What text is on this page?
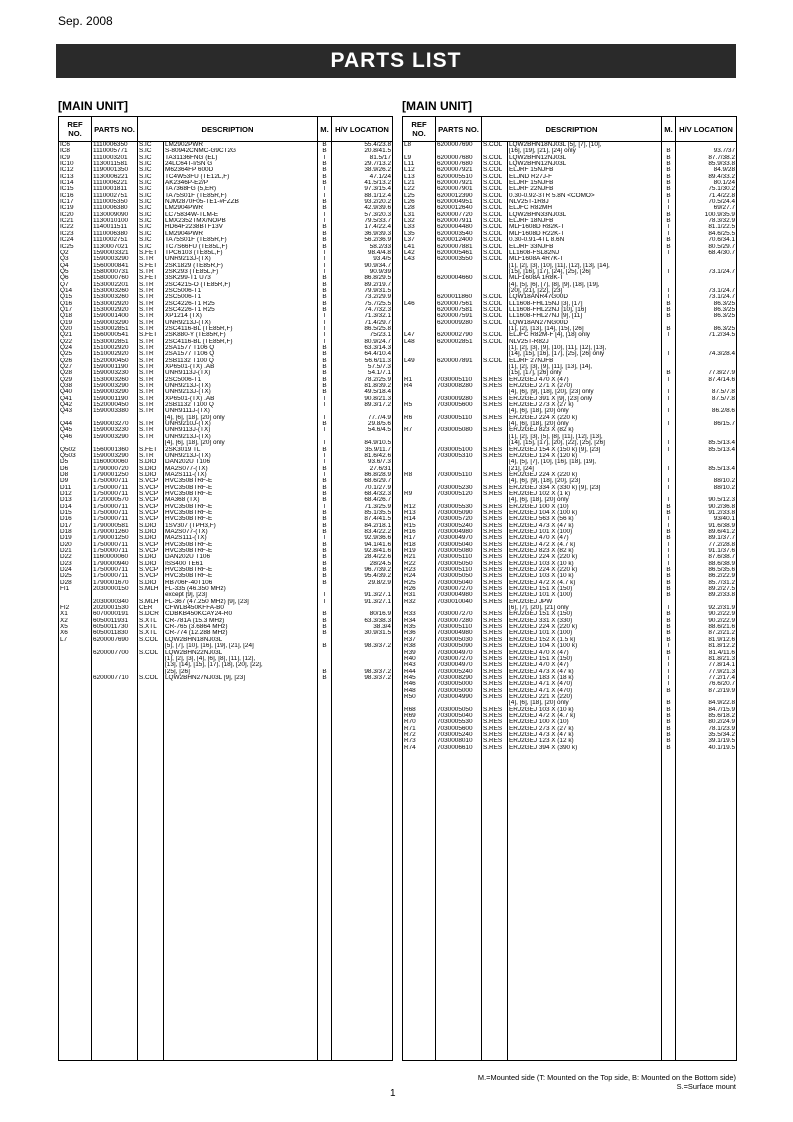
Sep. 2008
PARTS LIST
[MAIN UNIT]	[MAIN UNIT]
REF NO.	PARTS NO.	DESCRIPTION		M.	H/V LOCATION
IC6	1110006350	S.IC	LM2902PWR	B	55.4/23.8
IC8	1110005771	S.IC	S-80942CNMC-G9CT2G	B	20.8/41.5
IC9	1110003201	S.IC	TA31136FNG (EL)	T	81.5/17
IC10	1130011581	S.IC	24LC64T-I/SN G	B	29.7/13.2
IC12	1190001350	S.IC	M62364FP 600D	B	38.9/26.2
IC13	1130006221	S.IC	TC4W53FU (TE12L,F)	B	47.1/24
IC14	1110006221	S.IC	AK2346P-E2/P	B	41.5/13.2
IC15	1110001811	S.IC	TA7368FG (5,ER)	T	97.3/15.4
IC16	1110002751	S.IC	TA75S01F (TE85R,F)	T	88.1/12.4
IC17	1110005350	S.IC	NJM2870F05-TE1-#FZZB	B	93.2/20.2
IC19	1110006380	S.IC	LM2904PWR	B	42.9/39.6
IC20	1130009090	S.IC	LC75834W-TLM-E	T	57.3/20.3
IC21	1130010100	S.IC	LMX2352TMX/NOPB	T	79.5/33.7
IC22	1140011511	S.IC	HD64F2238BTF13V	B	17.4/22.4
IC23	1110006380	S.IC	LM2904PWR	B	36.9/39.3
IC24	1110002751	S.IC	TA75S01F (TE85R,F)	B	56.2/36.9
IC25	1130007021	S.IC	TC7S66FU (TE85L,F)	B	58.2/33

Q2	1590003321	S.FET	TPC6103 (TE85L,F)	T	98.4/4.8
Q3	1590003290	S.TR	UNR9213J-(TX)	T	93.4/5
Q4	1560000841	S.FET	2SK1829 (TE85R,F)	T	90.9/34.7
Q5	1580000731	S.TR	2SK293 (TE85L,F)	T	90.9/39
Q6	1580000760	S.FET	3SK299-T1 U73	B	86.8/29.5
Q7	1530002201	S.TR	2SC4215-O (TE85R,F)	B	89.2/19.7
Q14	1530003260	S.TR	2SC5006-T1	B	79.9/31.5
Q15	1530003260	S.TR	2SC5006-T1	B	73.2/29.9
Q16	1530002920	S.TR	2SC4226-T1 R25	B	75.7/25.5
Q17	1530002920	S.TR	2SC4226-T1 R25	B	74.7/32.3
Q18	1590001400	S.TR	XP1214 (TX)	T	71.3/32.1
Q19	1590003290	S.TR	UNR9213J-(TX)	T	71.4/29.7
Q20	1530002851	S.TR	2SC4116-BL (TE85R,F)	T	86.5/25.8
Q21	1560000541	S.FET	2SK880-Y (TE85R,F)	T	75/23.1
Q22	1530002851	S.TR	2SC4116-BL (TE85R,F)	T	80.9/24.7
Q24	1510002920	S.TR	2SA1577 T106 Q	B	63.3/14.3
Q25	1510002920	S.TR	2SA1577 T106 Q	B	64.4/10.4
Q26	1520000450	S.TR	2SB1132 T100 Q	B	56.6/11.3
Q27	1590001190	S.TR	XP6501-(TX) .AB	B	57.5/7.3
Q28	1590003230	S.TR	UNR9113J-(TX)	B	54.1/7.1
Q29	1530003260	S.TR	2SC5006-T1	B	78.2/25.9
Q38	1590003290	S.TR	UNR9213J-(TX)	B	81.8/39.2
Q40	1590003290	S.TR	UNR9213J-(TX)	B	49.5/18.4
Q41	1590001190	S.TR	XP6501-(TX) .AB	T	90.8/21.3
Q42	1520000450	S.TR	2SB1132 T100 Q	T	89.3/17.2
Q43	1590003380	S.TR	UNR9111J-(TX)		
			[4], [6], [18], [20] only	T	77.7/4.9
Q44	1590003270	S.TR	UNR9210J-(TX)	B	29.8/5.6
Q45	1590003230	S.TR	UNR9113J-(TX)	T	54.6/4.5
Q46	1590003290	S.TR	UNR9213J-(TX)		
			[4], [6], [18], [20] only	T	84.9/10.5
Q502	1560001360	S.FET	2SK3019 TL	B	35.9/11.7
Q503	1590003290	S.TR	UNR9213J-(TX)	T	81.6/42.6

D5	1160000060	S.DIO	DAN202U T106	T	93.6/7.3
D6	1790000720	S.DIO	MA2S077-(TX)	B	27.6/31
D8	1790001250	S.DIO	MA2S111-(TX)	T	86.8/28.9
D9	1750000711	S.VCP	HVC350BTRF-E	B	68.6/29.7

D11	1750000711	S.VCP	HVC350BTRF-E	B	70.1/27.9
D12	1750000711	S.VCP	HVC350BTRF-E	B	68.4/32.3
D13	1720000570	S.VCP	MA368 (TX)	B	68.4/26.7
D14	1750000711	S.VCP	HVC350BTRF-E	T	71.3/25.9
D15	1750000711	S.VCP	HVC350BTRF-E	B	85.1/35.5
D16	1750000711	S.VCP	HVC350BTRF-E	B	87.4/41.5
D17	1790000581	S.DIO	1SV307 (TPH3,F)	B	84.2/18.1
D18	1790001260	S.DIO	MA2S077-(TX)	B	83.4/22.2
D19	1790001250	S.DIO	MA2S111-(TX)	T	92.9/36.6
D20	1750000711	S.VCP	HVC350BTRF-E	B	94.1/41.6
D21	1750000711	S.VCP	HVC350BTRF-E	B	92.8/41.6
D22	1160000060	S.DIO	DAN202U T106	B	28.4/22.6
D23	1790000940	S.DIO	ISS400 TE61	B	28/24.5
D24	1750000711	S.VCP	HVC350BTRF-E	B	96.7/39.2
D25	1750000711	S.VCP	HVC350BTRF-E	B	95.4/39.2
D28	1790001670	S.DIO	RB706F-40T106	B	29.8/2.9

FI1	2030000150	S.MLH	FL-335 (46.350 MHz)		
			except [9], [23]	T	91.3/27.1
	2030000340	S.MLH	FL-367 (47.250 MHz) [9], [23]	T	91.3/27.1
FI2	2020001530	CER	CFWLB450KFFA-B0		

X1	6070000191	S.DCR	CDBKB450KCAY24-R0	B	80/16.9
X2	6050011931	S.XTL	CR-781A (15.3 MHz)	B	63.3/38.3
X5	6050011730	S.XTL	CR-765 (3.6864 MHz)	B	38.3/4
X6	6050011830	S.XTL	CR-774 (12.288 MHz)	B	30.9/31.5

L7	6200007690	S.COL	LQW2BHN18NJ03L		
			[5], [7], [10], [16], [19], [21], [24]	B	98.3/37.2
	6200007700	S.COL	LQW2BHN22NJ03L		
			[1], [2], [3], [4], [6], [8], [11], [12],		
			[13], [14], [15], [17], [18], [20], [22],		
			[25], [26]	B	98.3/37.2
	6200007710	S.COL	LQW2BHN27NJ03L [9], [23]	B	98.3/37.2

REF NO.	PARTS NO.	DESCRIPTION		M.	H/V LOCATION
L8	6200007690	S.COL	LQW2BHN18NJ03L [5], [7], [10],		
			[16], [19], [21], [24] only	B	93.7/37
L9	6200007680	S.COL	LQW2BHN12NJ03L	B	87.7/38.2
L11	6200007680	S.COL	LQW2BHN12NJ03L	B	85.9/33.8
L12	6200007921	S.COL	ELJRF 15NJFB	B	84.9/28
L13	6200005510	S.COL	ELJND R27J-F	B	89.4/33.2
L21	6200007921	S.COL	ELJRF 15NJFB	B	80.1/24
L22	6200007901	S.COL	ELJRF 22NJFB	B	75.1/30.2
L25	6200012390	S.COL	0.30-0.92-3TR 5.8N <COMO>	B	71.4/22.8
L26	6200004951	S.COL	NLV25T-1R8J	T	70.5/24.4
L28	6200012640	S.COL	ELJFC R82MH	T	69/27.7
L31	6200007720	S.COL	LQW2BHN33NJ03L	B	100.9/35.9
L32	6200007911	S.COL	ELJRF 18NJFB	B	78.3/32.9
L33	6200004480	S.COL	MLF1608D R82K-T	T	81.1/22.5
L35	6200003540	S.COL	MLF1608D R22K-T	T	84.6/25.5
L37	6200012400	S.COL	0.30-0.91-4TL 8.6N	B	70.6/34.1
L41	6200007881	S.COL	ELJRF 33NJFB	B	80.5/29.7
L42	6200005461	S.COL	LL1608-FSL82NJ	T	68.4/30.7
L43	6200003550	S.COL	MLF1608A 4R7K-T		
			[1], [2], [3], [10], [11], [12], [13], [14],		
			[15], [16], [17], [24], [25], [26]	T	73.1/24.7
	6200004660	S.COL	MLF1608A 1R8K-T		
			[4], [5], [6], [7], [8], [9], [18], [19],		
			[20], [21], [22], [23]	T	73.1/24.7
	6200011860	S.COL	LQW18ANR47G00D	T	73.1/24.7
L46	6200007561	S.COL	LL1608-FHL15NJ [3], [17]	B	86.3/25
	6200007581	S.COL	LL1608-FHL22NJ [10], [16]	B	86.3/25
	6200007591	S.COL	LL1608-FHL27NJ [9], [11]	B	86.3/25
	6200009280	S.COL	LQW18AN27NG00D		
			[1], [2], [13], [14], [15], [26]	B	86.3/25
L47	6200002790	S.COL	ELJFC R82M-F [4], [18] only	T	71.2/34.5
L48	6200002851	S.COL	NLV25T-R82J		
			[1], [2], [3], [9], [10], [11], [12], [13],		
			[14], [15], [16], [17], [25], [26] only	T	74.3/28.4
L49	6200007891	S.COL	ELJRF 27NJFB		
			[1], [2], [3], [9], [11], [13], [14],		
			[15], [17], [26] only	B	77.8/27.9

R1	7030005110	S.RES	ERJ2GEJ 470 X (47)	T	87.4/14.6
R4	7030008280	S.RES	ERJ2GEJ 271 X (270)		
			[4], [6], [9], [18], [20], [23] only	T	87.5/7.8
	7030009280	S.RES	ERJ2GEJ 391 X [9], [23] only	T	87.5/7.8
R5	7030005600	S.RES	ERJ2GEJ 273 X (27 k)		
			[4], [6], [18], [20] only	T	86.2/8.6
R6	7030005110	S.RES	ERJ2GEJ 224 X (220 k)		
			[4], [6], [18], [20] only	T	86/15.7
R7	7030005080	S.RES	ERJ2GEJ 823 X (82 k)		
			[1], [2], [3], [5], [8], [11], [12], [13],		
			[14], [15], [17], [20], [22], [25], [26]	T	85.5/13.4
	7030005100	S.RES	ERJ2GEJ 154 X (150 k) [9], [23]	T	85.5/13.4
	7030005310	S.RES	ERJ2GEJ 124 X (120 k)		
			[4], [5], [7], [10], [16], [18], [19],		
			[21], [24]	T	85.5/13.4
R8	7030005110	S.RES	ERJ2GEJ 224 X (220 k)		
			[4], [6], [9], [18], [20], [23]	T	88/10.2
	7030005230	S.RES	ERJ2GEJ 334 X (330 k) [9], [23]	T	88/10.2
R9	7030005120	S.RES	ERJ2GEJ 102 X (1 k)		
			[4], [6], [18], [20] only	T	90.5/12.3
R12	7030005530	S.RES	ERJ2GEJ 100 X (10)	B	90.2/36.8
R13	7030005090	S.RES	ERJ2GEJ 104 X (100 k)	B	91.2/33.8
R14	7030005720	S.RES	ERJ2GEJ 563 X (56 k)	T	93/40.1
R15	7030005240	S.RES	ERJ2GEJ 473 X (47 k)	T	91.6/38.9
R16	7030004980	S.RES	ERJ2GEJ 101 X (100)	B	89.6/41.2
R17	7030004970	S.RES	ERJ2GEJ 470 X (47)	B	89.1/37.7
R18	7030005040	S.RES	ERJ2GEJ 472 X (4.7 k)	T	77.2/28.8
R19	7030005080	S.RES	ERJ2GEJ 823 X (82 k)	T	91.1/37.6
R21	7030005110	S.RES	ERJ2GEJ 224 X (220 k)	T	87.6/38.7
R22	7030005050	S.RES	ERJ2GEJ 103 X (10 k)	T	88.6/38.9
R23	7030005110	S.RES	ERJ2GEJ 224 X (220 k)	B	86.5/35.6
R24	7030005050	S.RES	ERJ2GEJ 103 X (10 k)	B	86.2/22.9
R25	7030005040	S.RES	ERJ2GEJ 472 X (4.7 k)	B	85.7/31.2
R26	7030007270	S.RES	ERJ2GEJ 151 X (150)	B	89.2/27.5
R31	7030004980	S.RES	ERJ2GEJ 101 X (100)	B	89.2/33.8
R32	7030010040	S.RES	ERJ2GEJ JPW		
			[6], [7], [20], [21] only	T	92.2/31.9
R33	7030007270	S.RES	ERJ2GEJ 151 X (150)	B	90.2/22.9
R34	7030007280	S.RES	ERJ2GEJ 331 X (330)	B	90.2/22.9
R35	7030005110	S.RES	ERJ2GEJ 224 X (220 k)	B	88.6/21.6
R36	7030004980	S.RES	ERJ2GEJ 101 X (100)	B	87.2/21.2
R37	7030005030	S.RES	ERJ2GEJ 152 X (1.5 k)	B	81.9/12.6
R38	7030005090	S.RES	ERJ2GEJ 104 X (100 k)	T	81.8/12.2
R39	7030004970	S.RES	ERJ2GEJ 470 X (47)	B	81.4/11.6
R40	7030007270	S.RES	ERJ2GEJ 151 X (150)	T	81.8/21.3
R43	7030004970	S.RES	ERJ2GEJ 470 X (47)	T	77.8/14.1
R44	7030005240	S.RES	ERJ2GEJ 473 X (47 k)	T	77.9/21.3
R45	7030008290	S.RES	ERJ2GEJ 183 X (18 k)	T	77.2/17.4
R46	7030005000	S.RES	ERJ2GEJ 471 X (470)	T	76.6/20.7
R48	7030005000	S.RES	ERJ2GEJ 471 X (470)	B	87.2/19.9
R50	7030004990	S.RES	ERJ2GEJ 221 X (220)		
			[4], [6], [18], [20] only	B	84.9/22.8
R68	7030005050	S.RES	ERJ2GEJ 103 X (10 k)	B	84.7/15.9
R69	7030005040	S.RES	ERJ2GEJ 472 X (4.7 k)	B	85.6/18.2
R70	7030005530	S.RES	ERJ2GEJ 100 X (10)	B	80.2/24.9
R71	7030005600	S.RES	ERJ2GEJ 273 X (27 k)	B	78.1/23.9
R72	7030005240	S.RES	ERJ2GEJ 473 X (47 k)	B	35.5/34.2
R73	7030008010	S.RES	ERJ2GEJ 123 X (12 k)	B	39.1/19.5
R74	7030006610	S.RES	ERJ2GEJ 394 X (390 k)	B	40.1/19.5

M.=Mounted side (T: Mounted on the Top side, B: Mounted on the Bottom side)
S.=Surface mount
1
